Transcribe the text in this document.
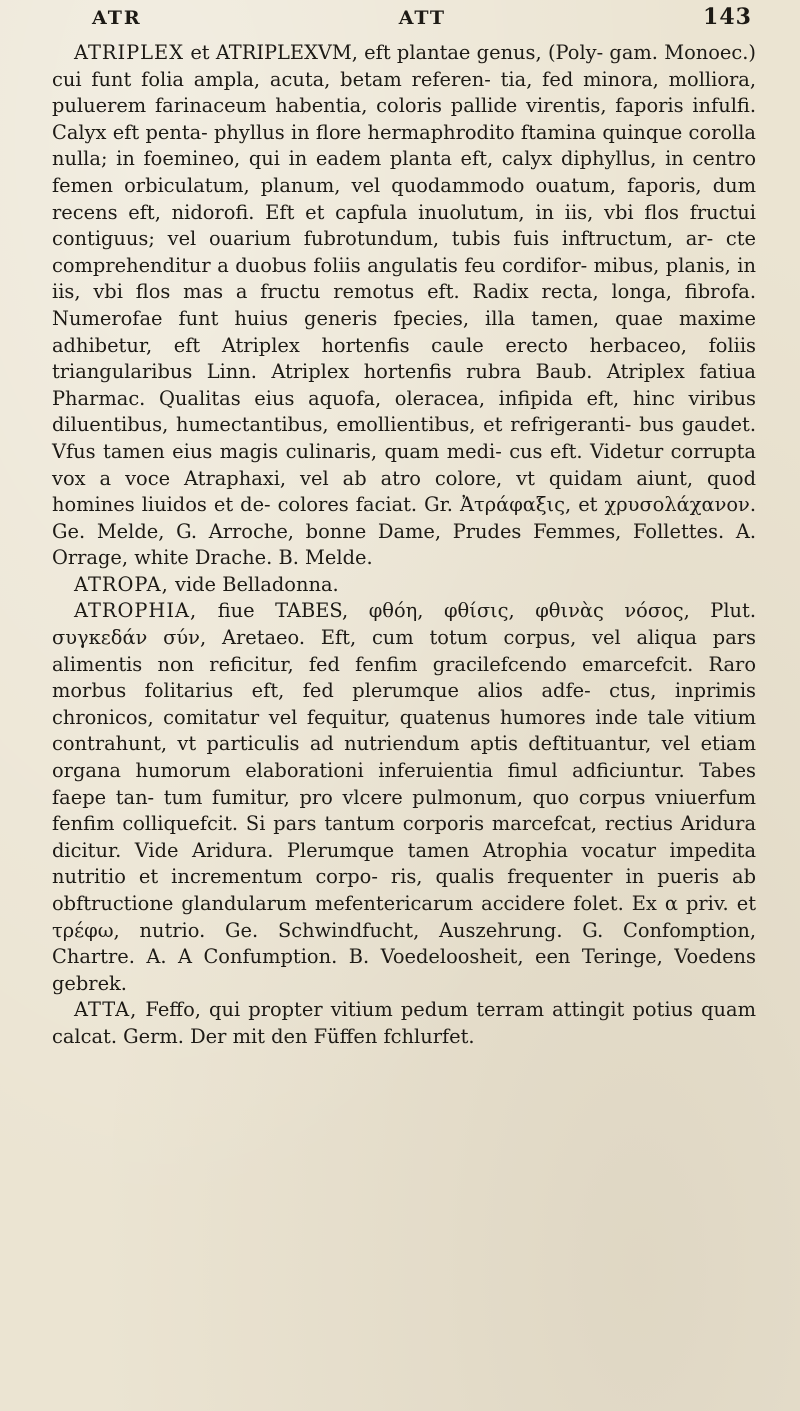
ATR	ATT	143

ATRIPLEX et ATRIPLEXVM, eft plantae genus, (Poly- gam. Monoec.) cui funt folia ampla, acuta, betam referen- tia, fed minora, molliora, puluerem farinaceum habentia, coloris pallide virentis, faporis infulfi. Calyx eft penta- phyllus in flore hermaphrodito ftamina quinque corolla nulla; in foemineo, qui in eadem planta eft, calyx diphyllus, in centro femen orbiculatum, planum, vel quodammodo ouatum, faporis, dum recens eft, nidorofi. Eft et capfula inuolutum, in iis, vbi flos fructui contiguus; vel ouarium fubrotundum, tubis fuis inftructum, ar- cte comprehenditur a duobus foliis angulatis feu cordifor- mibus, planis, in iis, vbi flos mas a fructu remotus eft. Radix recta, longa, fibrofa. Numerofae funt huius generis fpecies, illa tamen, quae maxime adhibetur, eft Atriplex hortenfis caule erecto herbaceo, foliis triangularibus Linn. Atriplex hortenfis rubra Baub. Atriplex fatiua Pharmac. Qualitas eius aquofa, oleracea, infipida eft, hinc viribus diluentibus, humectantibus, emollientibus, et refrigeranti- bus gaudet. Vfus tamen eius magis culinaris, quam medi- cus eft. Videtur corrupta vox a voce Atraphaxi, vel ab atro colore, vt quidam aiunt, quod homines liuidos et de- colores faciat. Gr. Ἀτράφαξις, et χρυσολάχανον. Ge. Melde, G. Arroche, bonne Dame, Prudes Femmes, Follettes. A. Orrage, white Drache. B. Melde.

ATROPA, vide Belladonna.

ATROPHIA, fiue TABES, φθόη, φθίσις, φθινὰς νόσος, Plut. συγκεδάν σύν, Aretaeo. Eft, cum totum corpus, vel aliqua pars alimentis non reficitur, fed fenfim gracilefcendo emarcefcit. Raro morbus folitarius eft, fed plerumque alios adfe- ctus, inprimis chronicos, comitatur vel fequitur, quatenus humores inde tale vitium contrahunt, vt particulis ad nutriendum aptis deftituantur, vel etiam organa humorum elaborationi inferuientia fimul adficiuntur. Tabes faepe tan- tum fumitur, pro vlcere pulmonum, quo corpus vniuerfum fenfim colliquefcit. Si pars tantum corporis marcefcat, rectius Aridura dicitur. Vide Aridura. Plerumque tamen Atrophia vocatur impedita nutritio et incrementum corpo- ris, qualis frequenter in pueris ab obftructione glandularum mefentericarum accidere folet. Ex α priv. et τρέφω, nutrio. Ge. Schwindfucht, Auszehrung. G. Confomption, Chartre. A. A Confumption. B. Voedeloosheit, een Teringe, Voedens gebrek.

ATTA, Feffo, qui propter vitium pedum terram attingit potius quam calcat. Germ. Der mit den Füffen fchlurfet.
